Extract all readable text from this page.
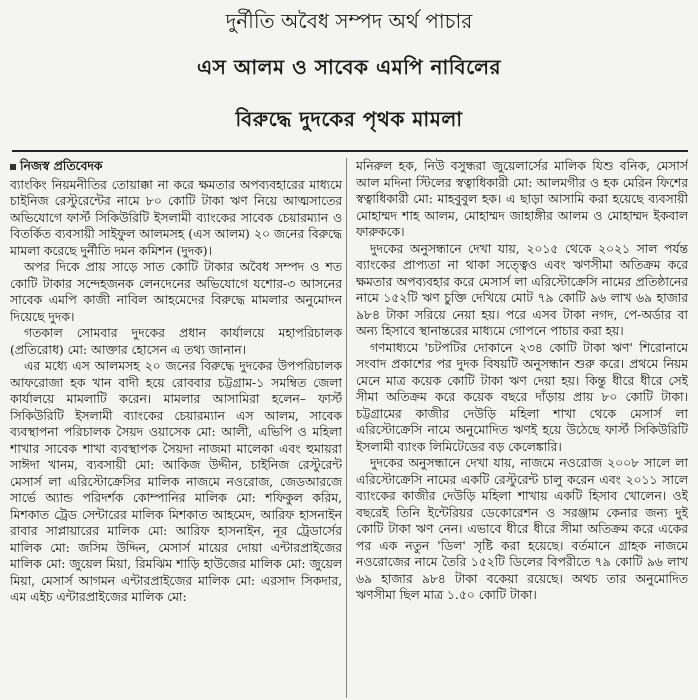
দুর্নীতি অবৈধ সম্পদ অর্থ পাচার
এস আলম ও সাবেক এমপি নাবিলের
বিরুদ্ধে দুদকের পৃথক মামলা
নিজস্ব প্রতিবেদক

ব্যাংকিং নিয়মনীতির তোয়াক্কা না করে ক্ষমতার অপব্যবহারের মাধ্যমে চাইনিজ রেস্টুরেন্টের নামে ৮০ কোটি টাকা ঋণ নিয়ে আত্মসাতের অভিযোগে ফার্স্ট সিকিউরিটি ইসলামী ব্যাংকের সাবেক চেয়ারম্যান ও বিতর্কিত ব্যবসায়ী সাইফুল আলমসহ (এস আলম) ২০ জনের বিরুদ্ধে মামলা করেছে দুর্নীতি দমন কমিশন (দুদক)।

অপর দিকে প্রায় সাড়ে সাত কোটি টাকার অবৈধ সম্পদ ও শত কোটি টাকার সন্দেহজনক লেনদেনের অভিযোগে যশোর-৩ আসনের সাবেক এমপি কাজী নাবিল আহমেদের বিরুদ্ধে মামলার অনুমোদন দিয়েছে দুদক।

গতকাল সোমবার দুদকের প্রধান কার্যালয়ে মহাপরিচালক (প্রতিরোধ) মো: আক্তার হোসেন এ তথ্য জানান।

এর মধ্যে এস আলমসহ ২০ জনের বিরুদ্ধে দুদকের উপপরিচালক আফরোজা হক খান বাদী হয়ে রোববার চট্টগ্রাম-১ সমম্বিত জেলা কার্যালয়ে মামলাটি করেন। মামলার আসামিরা হলেন– ফার্স্ট সিকিউরিটি ইসলামী ব্যাংকের চেয়ারম্যান এস আলম, সাবেক ব্যবস্থাপনা পরিচালক সৈয়দ ওয়াসেক মো: আলী, এভিপি ও মহিলা শাখার সাবেক শাখা ব্যবস্থাপক সৈয়দা নাজমা মালেকা এবং হুমায়রা সাঈদা খানম, ব্যবসায়ী মো: আকিজ উদ্দীন, চাইনিজ রেস্টুরেন্ট মেসার্স লা এরিস্টোক্রেসির মালিক নাজমে নওরোজ, জেডআরজে সার্ভে অ্যান্ড পরিদর্শক কোম্পানির মালিক মো: শফিকুল করিম, মিশকাত ট্রেড সেন্টারের মালিক মিশকাত আহমেদ, আরিফ হাসনাইন রাবার সাপ্লায়ারের মালিক মো: আরিফ হাসনাইন, নূর ট্রেডার্সের মালিক মো: জসিম উদ্দিন, মেসার্স মায়ের দোয়া এন্টারপ্রাইজের মালিক মো: জুয়েল মিয়া, রিমঝিম শাড়ি হাউজের মালিক মো: জুয়েল মিয়া, মেসার্স আগমন এন্টারপ্রাইজের মালিক মো: এরসাদ সিকদার, এম এইচ এন্টারপ্রাইজের মালিক মো:

মনিরুল হক, নিউ বসুন্ধরা জুয়েলার্সের মালিক যিশু বনিক, মেসার্স আল মদিনা স্টিলের স্বত্বাধিকারী মো: আলমগীর ও হক মেরিন ফিশের স্বত্বাধিকারী মো: মাহবুবুল হক। এ ছাড়া আসামি করা হয়েছে ব্যবসায়ী মোহাম্মদ শাহ আলম, মোহাম্মদ জাহাঙ্গীর আলম ও মোহাম্মদ ইকবাল ফারুককে।

দুদকের অনুসন্ধানে দেখা যায়, ২০১৫ থেকে ২০২১ সাল পর্যন্ত ব্যাংকের প্রাপ্যতা না থাকা সত্ত্বেও এবং ঋণসীমা অতিক্রম করে ক্ষমতার অপব্যবহার করে মেসার্স লা এরিস্টোক্রেসি নামের প্রতিষ্ঠানের নামে ১৫২টি ঋণ চুক্তি দেখিয়ে মোট ৭৯ কোটি ৯৬ লাখ ৬৯ হাজার ৯৮৪ টাকা সরিয়ে নেয়া হয়। পরে এসব টাকা নগদ, পে-অর্ডার বা অন্য হিসাবে স্থানান্তরের মাধ্যমে গোপনে পাচার করা হয়।

গণমাধ্যমে 'চটপটির দোকানে ২৩৪ কোটি টাকা ঋণ' শিরোনামে সংবাদ প্রকাশের পর দুদক বিষয়টি অনুসন্ধান শুরু করে। প্রথমে নিয়ম মেনে মাত্র কয়েক কোটি টাকা ঋণ দেয়া হয়। কিন্তু ধীরে ধীরে সেই সীমা অতিক্রম করে কয়েক বছরে দাঁড়ায় প্রায় ৮০ কোটি টাকা। চট্টগ্রামের কাজীর দেউড়ি মহিলা শাখা থেকে মেসার্স লা এরিস্টোক্রেসি নামে অনুমোদিত ঋণই হয়ে উঠেছে ফার্স্ট সিকিউরিটি ইসলামী ব্যাংক লিমিটেডের বড় কেলেঙ্কারি।

দুদকের অনুসন্ধানে দেখা যায়, নাজমে নওরোজ ২০০৮ সালে লা এরিস্টোক্রেসি নামের একটি রেস্টুরেন্ট চালু করেন এবং ২০১১ সালে ব্যাংকের কাজীর দেউড়ি মহিলা শাখায় একটি হিসাব খোলেন। ওই বছরেই তিনি ইন্টেরিয়র ডেকোরেশন ও সরঞ্জাম কেনার জন্য দুই কোটি টাকা ঋণ নেন। এভাবে ধীরে ধীরে সীমা অতিক্রম করে একের পর এক নতুন 'ডিল' সৃষ্টি করা হয়েছে। বর্তমানে গ্রাহক নাজমে নওরোজের নামে তৈরি ১৫২টি ডিলের বিপরীতে ৭৯ কোটি ৯৬ লাখ ৬৯ হাজার ৯৮৪ টাকা বকেয়া রয়েছে। অথচ তার অনুমোদিত ঋণসীমা ছিল মাত্র ১.৫০ কোটি টাকা।
